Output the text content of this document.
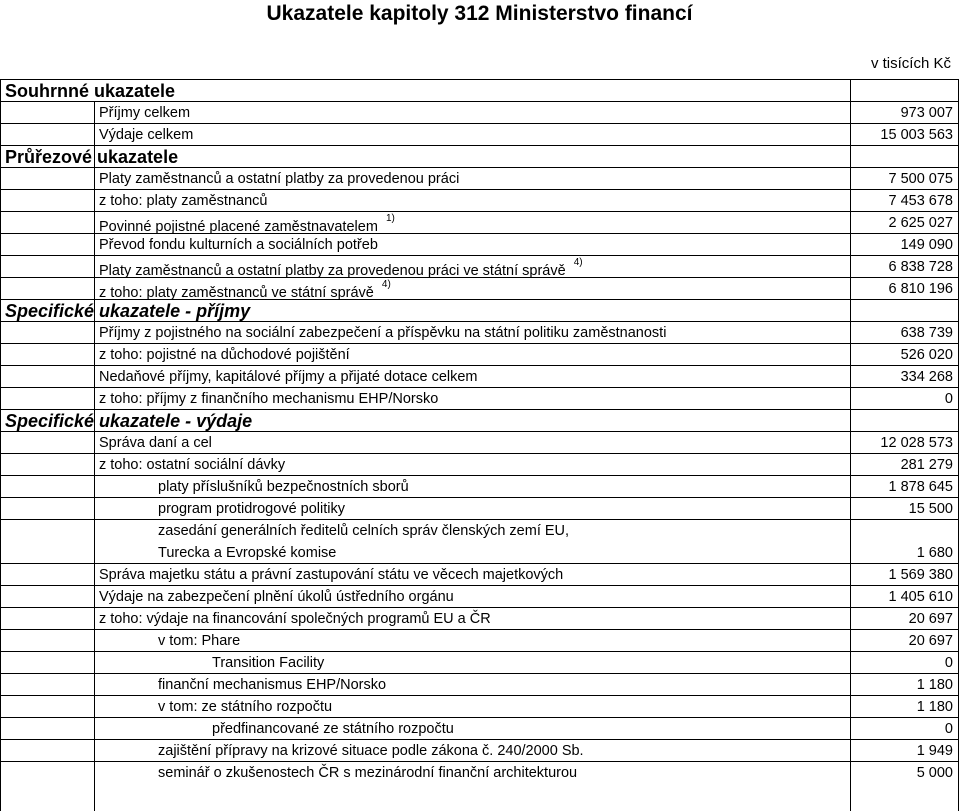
Ukazatele kapitoly 312 Ministerstvo financí
v tisících Kč
Souhrnné ukazatele
Příjmy celkem	973 007
Výdaje celkem	15 003 563
Průřezové ukazatele
Platy zaměstnanců a ostatní platby za provedenou práci	7 500 075
z toho: platy zaměstnanců	7 453 678
Povinné pojistné placené zaměstnavatelem  $^{1)}$	2 625 027
Převod fondu kulturních a sociálních potřeb	149 090
Platy zaměstnanců a ostatní platby za provedenou práci ve státní správě  $^{4)}$	6 838 728
z toho: platy zaměstnanců ve státní správě  $^{4)}$	6 810 196
Specifické ukazatele - příjmy
Příjmy z pojistného na sociální zabezpečení a příspěvku na státní politiku zaměstnanosti	638 739
z toho: pojistné na důchodové pojištění	526 020
Nedaňové příjmy, kapitálové příjmy a přijaté dotace celkem	334 268
z toho: příjmy z finančního mechanismu EHP/Norsko	0
Specifické ukazatele - výdaje
Správa daní a cel	12 028 573
z toho: ostatní sociální dávky	281 279
platy příslušníků bezpečnostních sborů	1 878 645
program protidrogové politiky	15 500
zasedání generálních ředitelů celních správ členských zemí EU,
Turecka a Evropské komise	1 680
Správa majetku státu a právní zastupování státu ve věcech majetkových	1 569 380
Výdaje na zabezpečení plnění úkolů ústředního orgánu	1 405 610
z toho: výdaje na financování společných programů EU a ČR	20 697
v tom: Phare	20 697
Transition Facility	0
finanční mechanismus EHP/Norsko	1 180
v tom: ze státního rozpočtu	1 180
předfinancované ze státního rozpočtu	0
zajištění přípravy na krizové situace podle zákona č. 240/2000 Sb.	1 949
seminář o zkušenostech ČR s mezinárodní finanční architekturou	5 000
